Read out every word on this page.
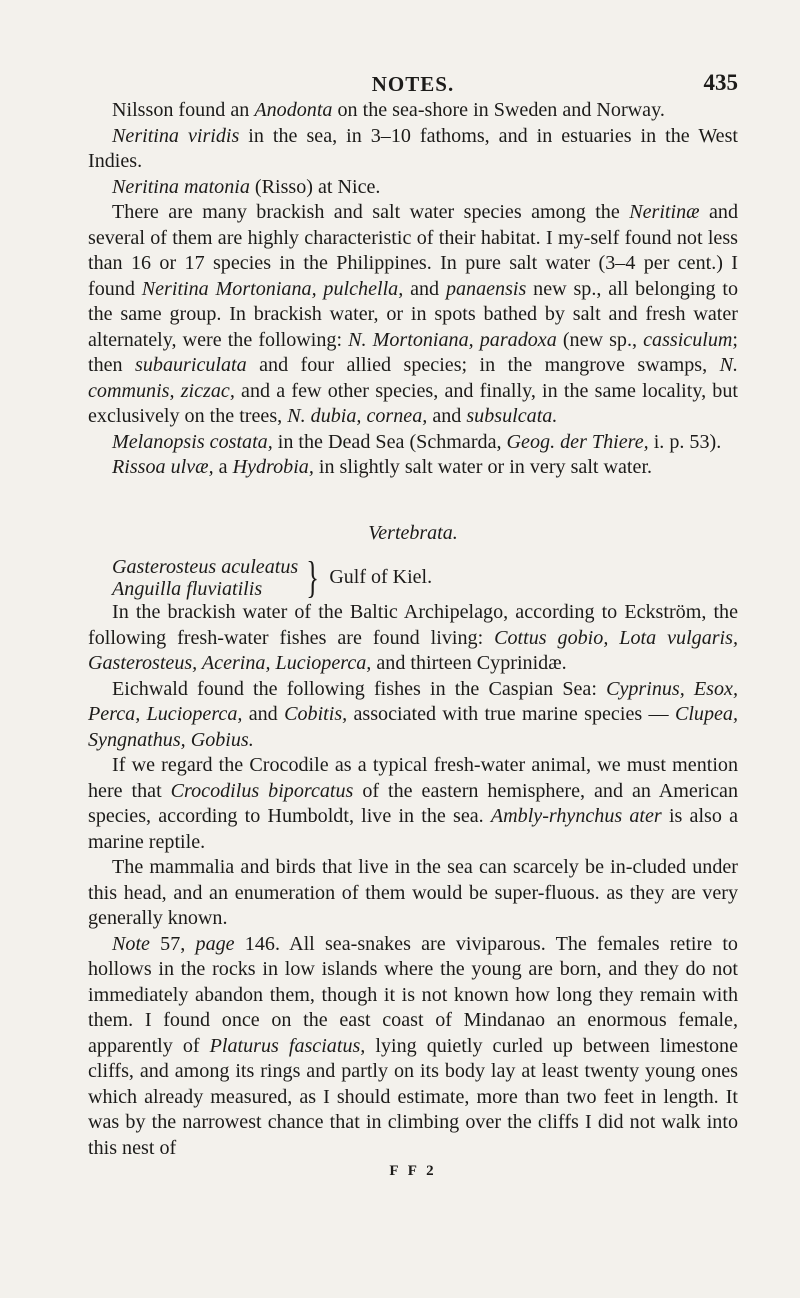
NOTES.	435

Nilsson found an Anodonta on the sea-shore in Sweden and Norway.

Neritina viridis in the sea, in 3–10 fathoms, and in estuaries in the West Indies.

Neritina matonia (Risso) at Nice.

There are many brackish and salt water species among the Neritinæ and several of them are highly characteristic of their habitat. I my-self found not less than 16 or 17 species in the Philippines. In pure salt water (3–4 per cent.) I found Neritina Mortoniana, pulchella, and panaensis new sp., all belonging to the same group. In brackish water, or in spots bathed by salt and fresh water alternately, were the following: N. Mortoniana, paradoxa (new sp., cassiculum; then subauriculata and four allied species; in the mangrove swamps, N. communis, ziczac, and a few other species, and finally, in the same locality, but exclusively on the trees, N. dubia, cornea, and subsulcata.

Melanopsis costata, in the Dead Sea (Schmarda, Geog. der Thiere, i. p. 53).

Rissoa ulvæ, a Hydrobia, in slightly salt water or in very salt water.

Vertebrata.
Gasterosteus aculeatus
Anguilla fluviatilis	} Gulf of Kiel.

In the brackish water of the Baltic Archipelago, according to Eckström, the following fresh-water fishes are found living: Cottus gobio, Lota vulgaris, Gasterosteus, Acerina, Lucioperca, and thirteen Cyprinidæ.

Eichwald found the following fishes in the Caspian Sea: Cyprinus, Esox, Perca, Lucioperca, and Cobitis, associated with true marine species — Clupea, Syngnathus, Gobius.

If we regard the Crocodile as a typical fresh-water animal, we must mention here that Crocodilus biporcatus of the eastern hemisphere, and an American species, according to Humboldt, live in the sea. Ambly-rhynchus ater is also a marine reptile.

The mammalia and birds that live in the sea can scarcely be in-cluded under this head, and an enumeration of them would be super-fluous. as they are very generally known.

Note 57, page 146. All sea-snakes are viviparous. The females retire to hollows in the rocks in low islands where the young are born, and they do not immediately abandon them, though it is not known how long they remain with them. I found once on the east coast of Mindanao an enormous female, apparently of Platurus fasciatus, lying quietly curled up between limestone cliffs, and among its rings and partly on its body lay at least twenty young ones which already measured, as I should estimate, more than two feet in length. It was by the narrowest chance that in climbing over the cliffs I did not walk into this nest of

F F 2
